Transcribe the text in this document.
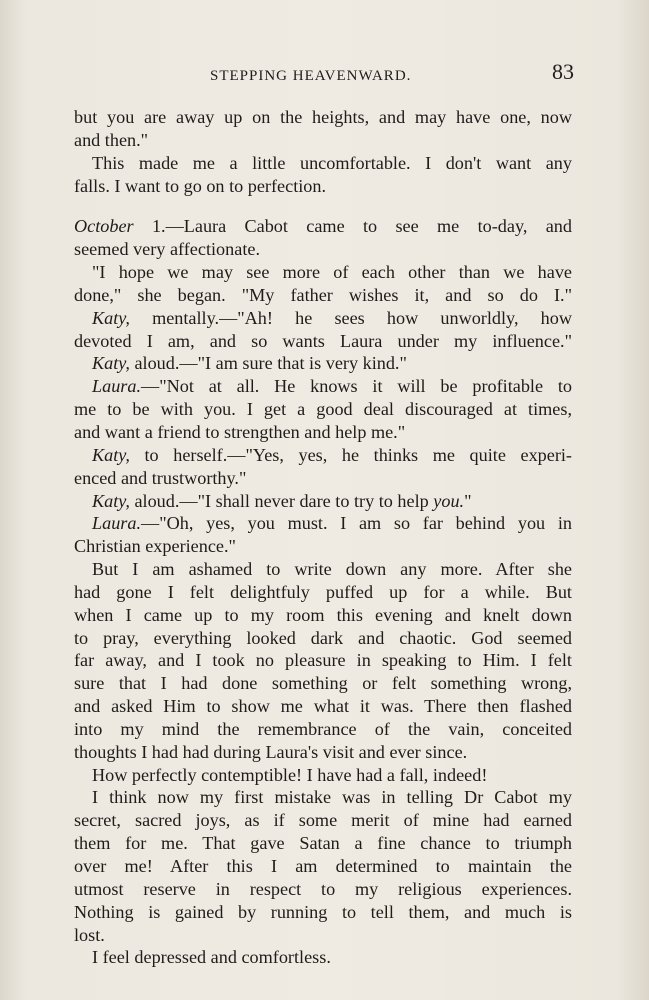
STEPPING HEAVENWARD.	83
but you are away up on the heights, and may have one, now
and then."
This made me a little uncomfortable. I don't want any
falls. I want to go on to perfection.
October 1.—Laura Cabot came to see me to-day, and
seemed very affectionate.
"I hope we may see more of each other than we have
done," she began. "My father wishes it, and so do I."
Katy, mentally.—"Ah! he sees how unworldly, how
devoted I am, and so wants Laura under my influence."
Katy, aloud.—"I am sure that is very kind."
Laura.—"Not at all. He knows it will be profitable to
me to be with you. I get a good deal discouraged at times,
and want a friend to strengthen and help me."
Katy, to herself.—"Yes, yes, he thinks me quite experi-
enced and trustworthy."
Katy, aloud.—"I shall never dare to try to help you."
Laura.—"Oh, yes, you must. I am so far behind you in
Christian experience."
But I am ashamed to write down any more. After she
had gone I felt delightfuly puffed up for a while. But
when I came up to my room this evening and knelt down
to pray, everything looked dark and chaotic. God seemed
far away, and I took no pleasure in speaking to Him. I felt
sure that I had done something or felt something wrong,
and asked Him to show me what it was. There then flashed
into my mind the remembrance of the vain, conceited
thoughts I had had during Laura's visit and ever since.
How perfectly contemptible! I have had a fall, indeed!
I think now my first mistake was in telling Dr Cabot my
secret, sacred joys, as if some merit of mine had earned
them for me. That gave Satan a fine chance to triumph
over me! After this I am determined to maintain the
utmost reserve in respect to my religious experiences.
Nothing is gained by running to tell them, and much is
lost.
I feel depressed and comfortless.
